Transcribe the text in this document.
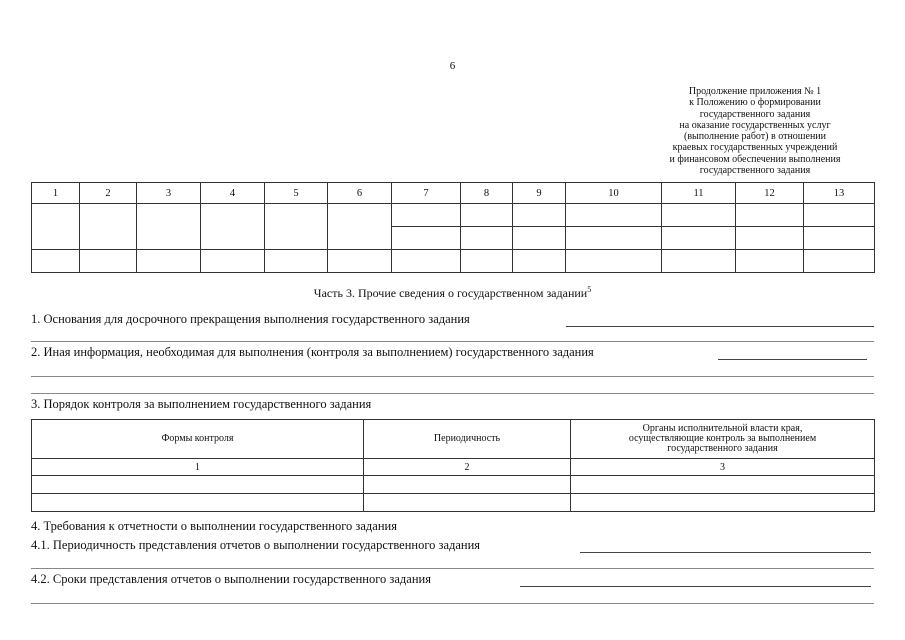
6
Продолжение приложения № 1
к Положению о формировании
государственного задания
на оказание государственных услуг
(выполнение работ) в отношении
краевых государственных учреждений
и финансовом обеспечении выполнения
государственного задания
1	2	3	4	5	6	7	8	9	10	11	12	13

Часть 3. Прочие сведения о государственном задании$^5$
1. Основания для досрочного прекращения выполнения государственного задания
2. Иная информация, необходимая для выполнения (контроля за выполнением) государственного задания
3. Порядок контроля за выполнением государственного задания
Формы контроля	Периодичность	Органы исполнительной власти края,
осуществляющие контроль за выполнением
государственного задания

1	2	3

4. Требования к отчетности о выполнении государственного задания
4.1. Периодичность представления отчетов о выполнении государственного задания
4.2. Сроки представления отчетов о выполнении государственного задания
